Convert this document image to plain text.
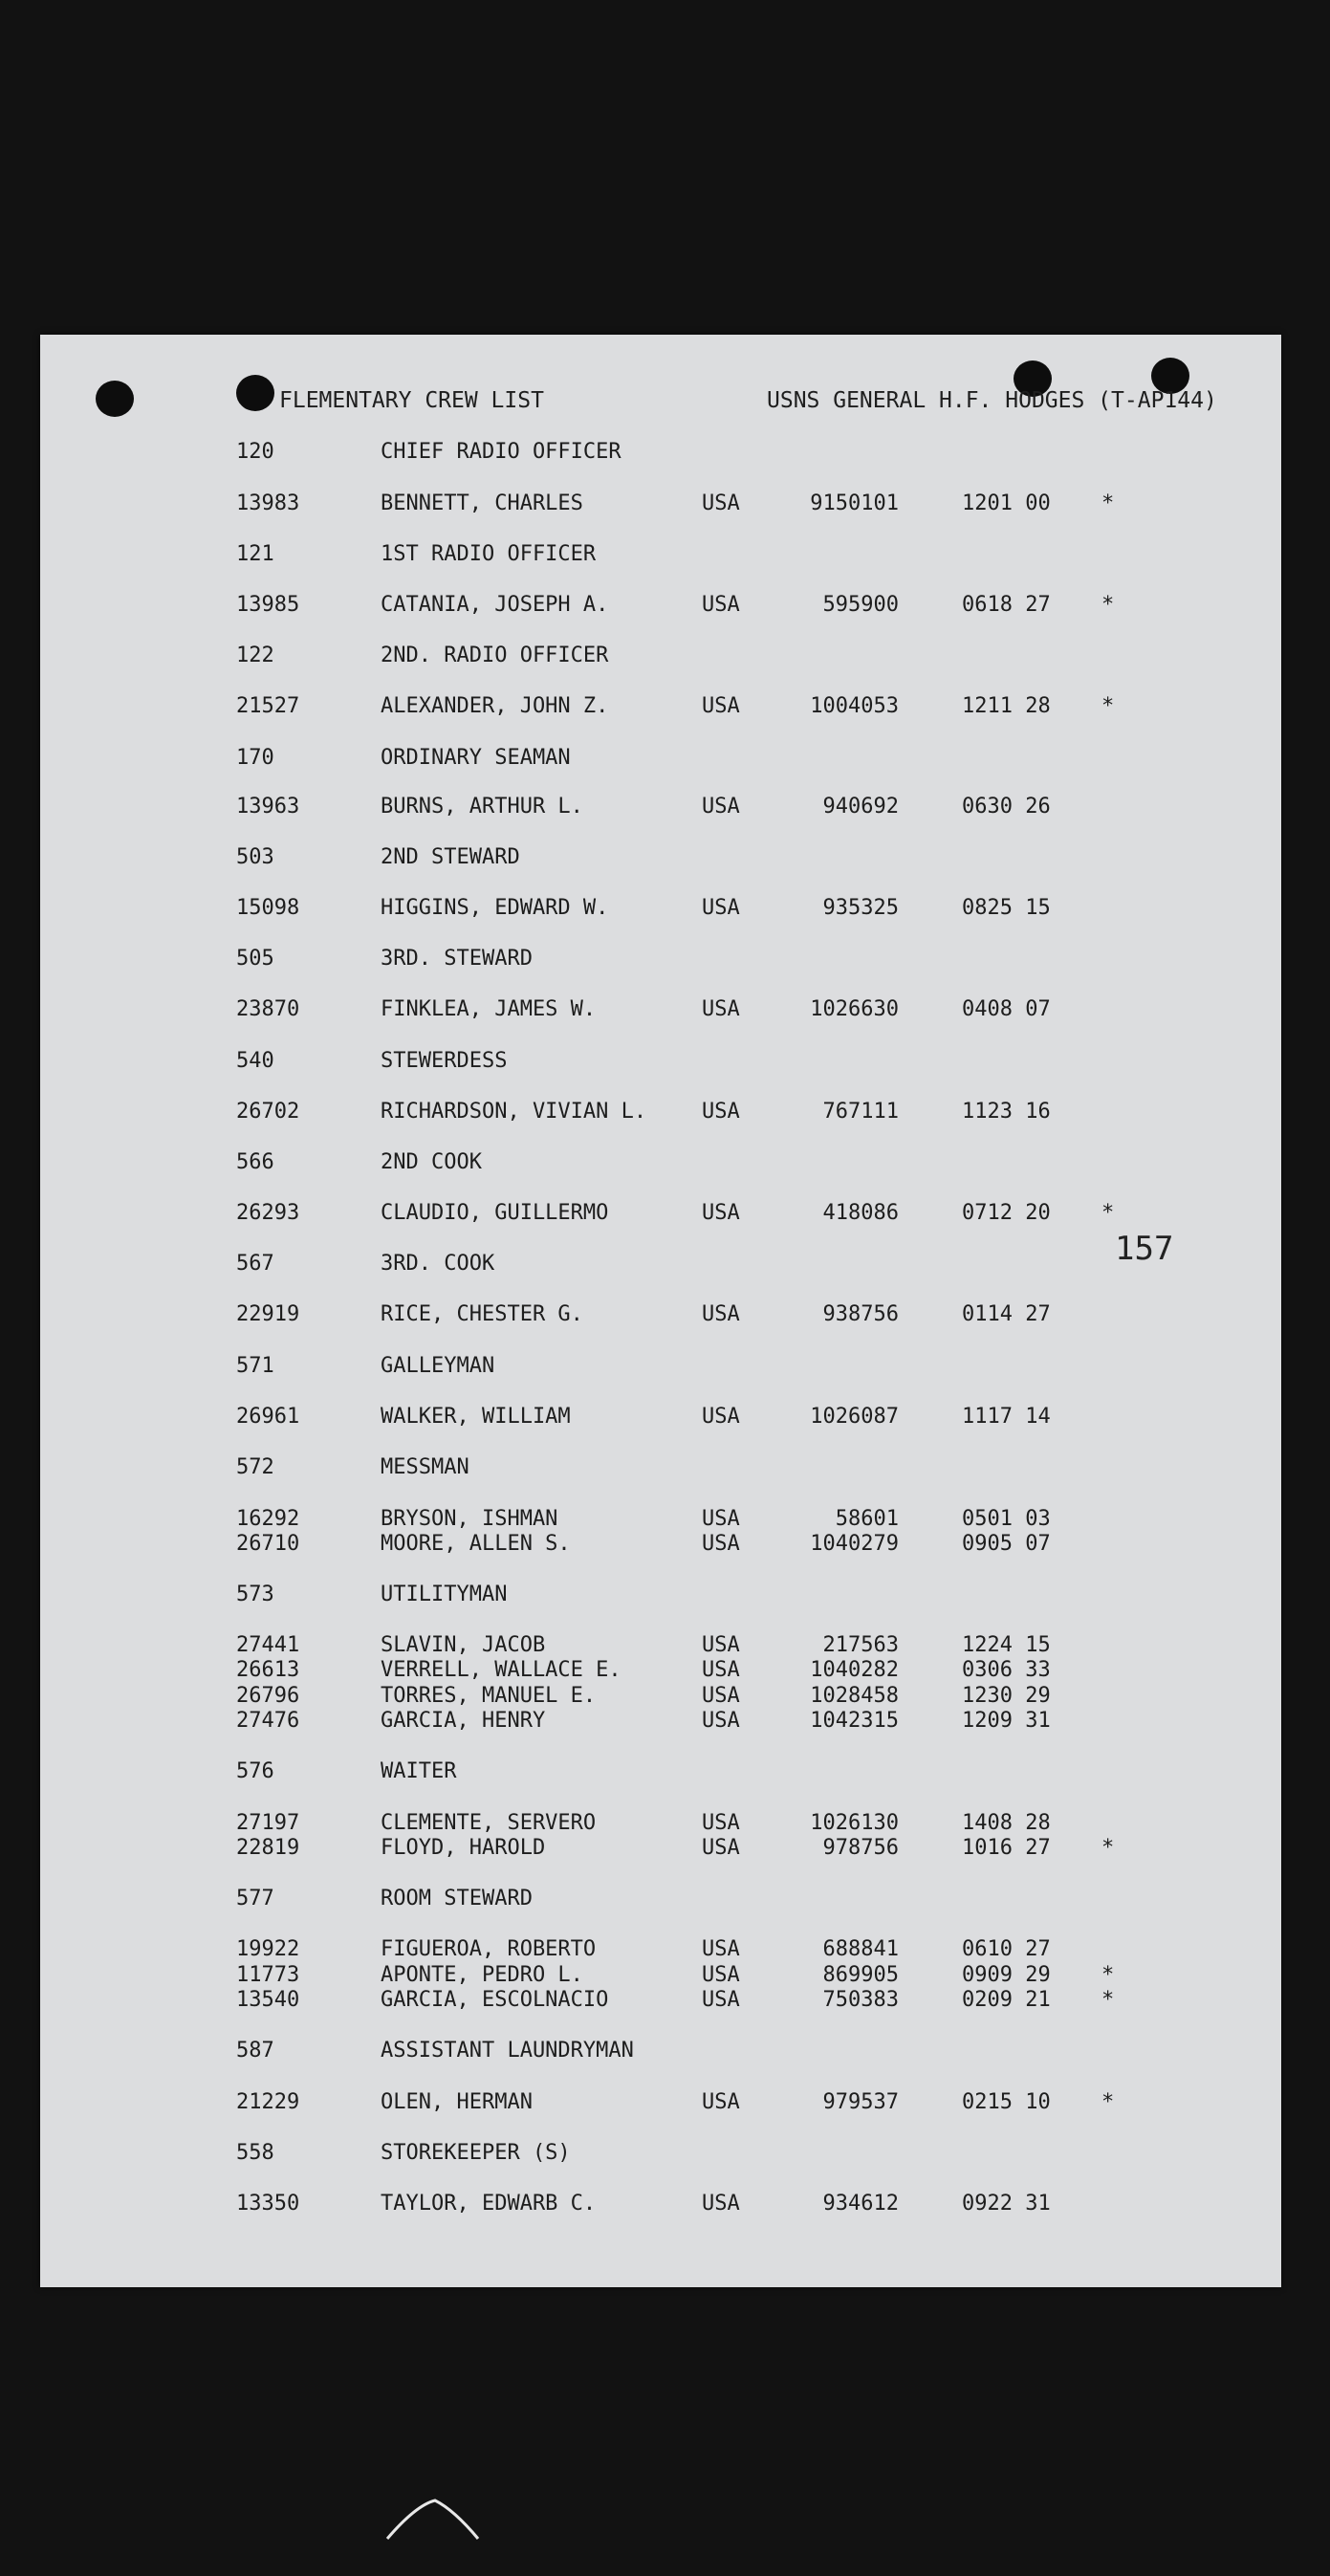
FLEMENTARY CREW LIST	USNS GENERAL H.F. HODGES (T-AP144)
120	CHIEF RADIO OFFICER
13983	BENNETT, CHARLES	USA	9150101	1201 00 *
121	1ST RADIO OFFICER
13985	CATANIA, JOSEPH A.	USA	595900	0618 27 *
122	2ND. RADIO OFFICER
21527	ALEXANDER, JOHN Z.	USA	1004053	1211 28 *
170	ORDINARY SEAMAN
13963	BURNS, ARTHUR L.	USA	940692	0630 26
503	2ND STEWARD
15098	HIGGINS, EDWARD W.	USA	935325	0825 15
505	3RD. STEWARD
23870	FINKLEA, JAMES W.	USA	1026630	0408 07
540	STEWERDESS
26702	RICHARDSON, VIVIAN L.	USA	767111	1123 16
566	2ND COOK
26293	CLAUDIO, GUILLERMO	USA	418086	0712 20 *
567	3RD. COOK
22919	RICE, CHESTER G.	USA	938756	0114 27
571	GALLEYMAN
26961	WALKER, WILLIAM	USA	1026087	1117 14
572	MESSMAN
16292	BRYSON, ISHMAN	USA	58601	0501 03
26710	MOORE, ALLEN S.	USA	1040279	0905 07
573	UTILITYMAN
27441	SLAVIN, JACOB	USA	217563	1224 15
26613	VERRELL, WALLACE E.	USA	1040282	0306 33
26796	TORRES, MANUEL E.	USA	1028458	1230 29
27476	GARCIA, HENRY	USA	1042315	1209 31
576	WAITER
27197	CLEMENTE, SERVERO	USA	1026130	1408 28
22819	FLOYD, HAROLD	USA	978756	1016 27 *
577	ROOM STEWARD
19922	FIGUEROA, ROBERTO	USA	688841	0610 27
11773	APONTE, PEDRO L.	USA	869905	0909 29 *
13540	GARCIA, ESCOLNACIO	USA	750383	0209 21 *
587	ASSISTANT LAUNDRYMAN
21229	OLEN, HERMAN	USA	979537	0215 10 *
558	STOREKEEPER (S)
13350	TAYLOR, EDWARB C.	USA	934612	0922 31
157
